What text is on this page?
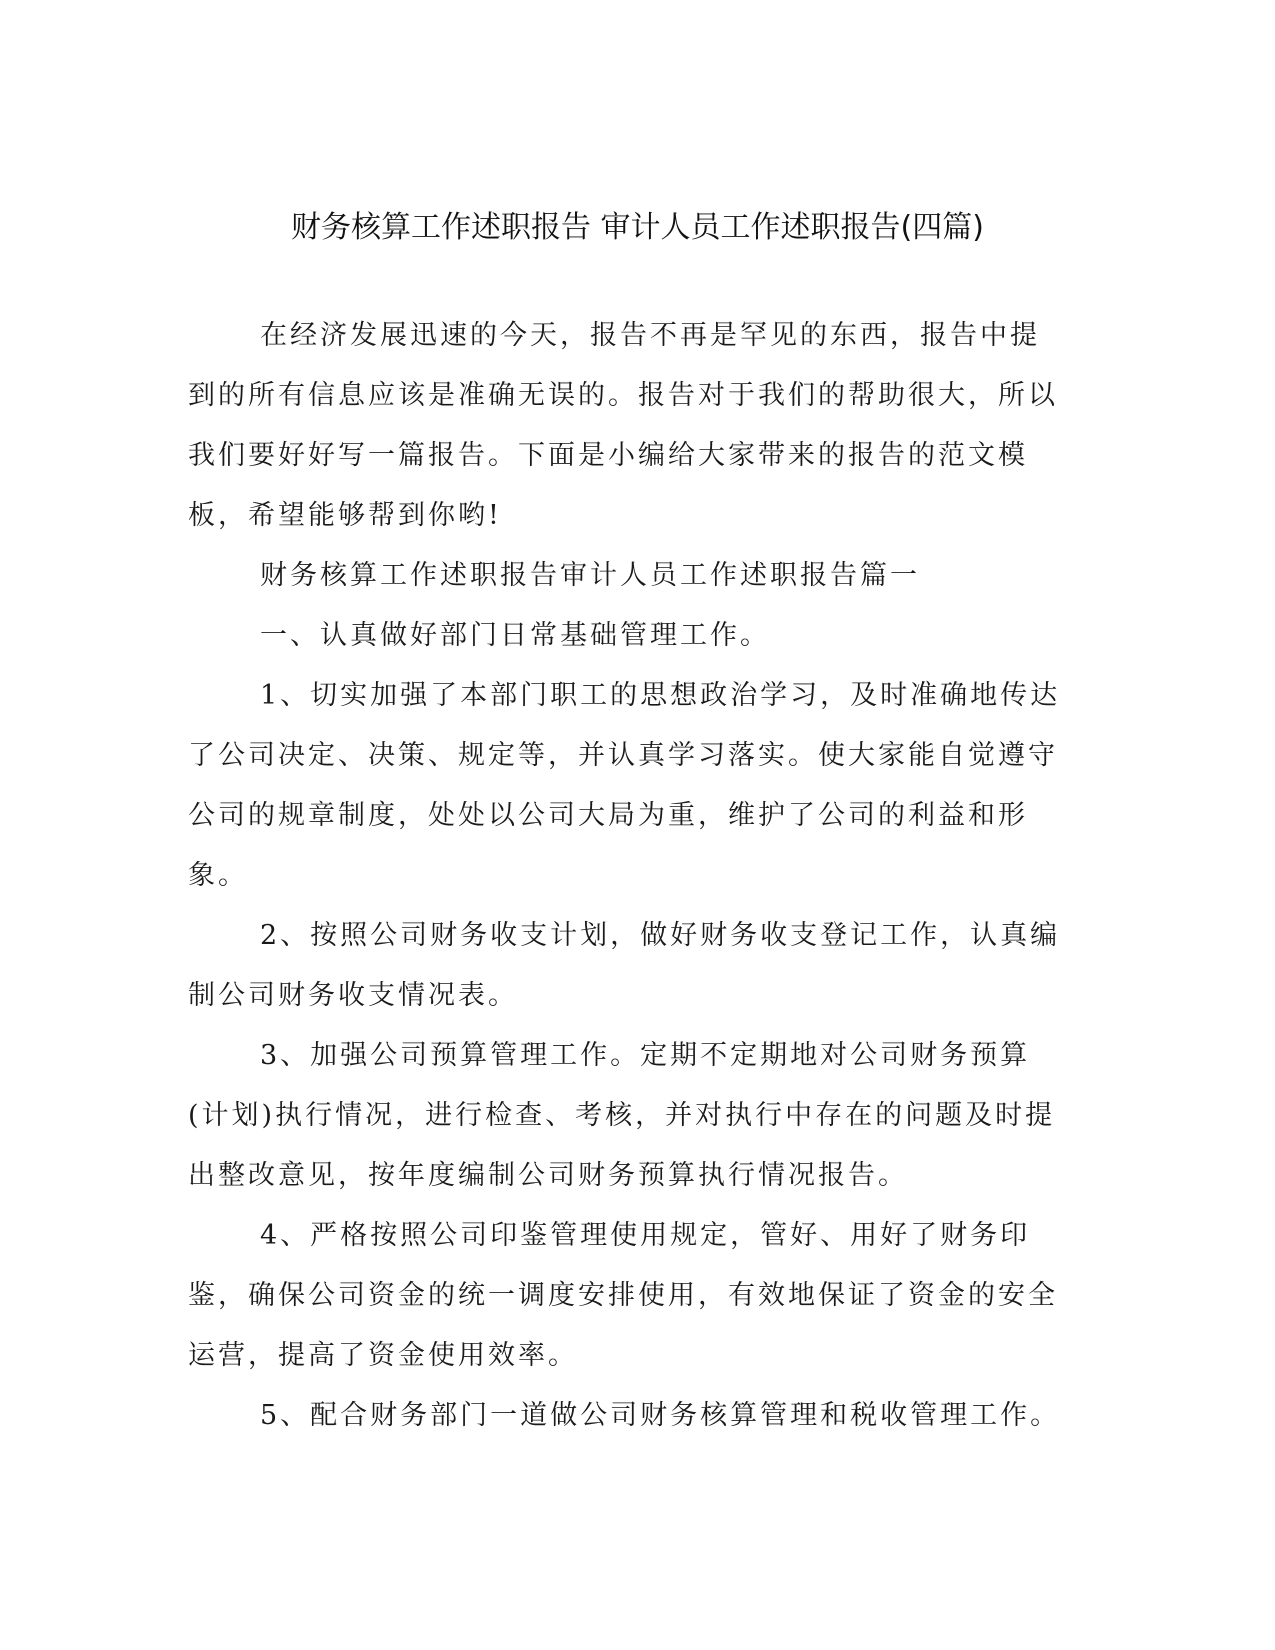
财务核算工作述职报告 审计人员工作述职报告(四篇)

在经济发展迅速的今天，报告不再是罕见的东西，报告中提到的所有信息应该是准确无误的。报告对于我们的帮助很大，所以我们要好好写一篇报告。下面是小编给大家带来的报告的范文模板，希望能够帮到你哟!

财务核算工作述职报告审计人员工作述职报告篇一

一、认真做好部门日常基础管理工作。

1、切实加强了本部门职工的思想政治学习，及时准确地传达了公司决定、决策、规定等，并认真学习落实。使大家能自觉遵守公司的规章制度，处处以公司大局为重，维护了公司的利益和形象。

2、按照公司财务收支计划，做好财务收支登记工作，认真编制公司财务收支情况表。

3、加强公司预算管理工作。定期不定期地对公司财务预算(计划)执行情况，进行检查、考核，并对执行中存在的问题及时提出整改意见，按年度编制公司财务预算执行情况报告。

4、严格按照公司印鉴管理使用规定，管好、用好了财务印鉴，确保公司资金的统一调度安排使用，有效地保证了资金的安全运营，提高了资金使用效率。

5、配合财务部门一道做公司财务核算管理和税收管理工作。
